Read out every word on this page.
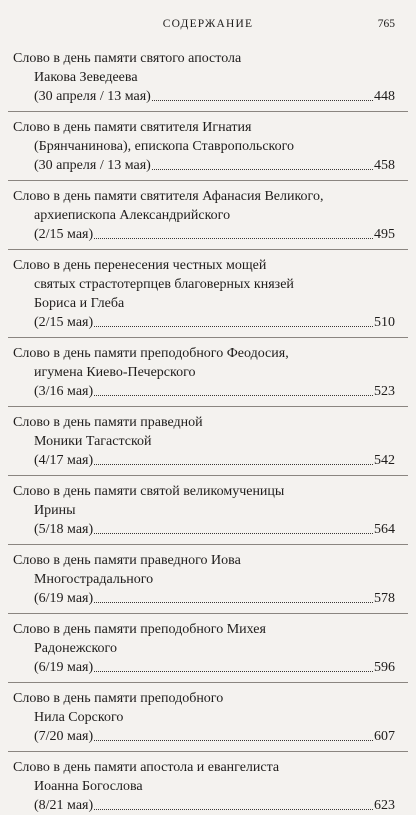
СОДЕРЖАНИЕ	765
Слово в день памяти святого апостола
Иакова Зеведеева
(30 апреля / 13 мая)	448
Слово в день памяти святителя Игнатия
(Брянчанинова), епископа Ставропольского
(30 апреля / 13 мая)	458
Слово в день памяти святителя Афанасия Великого,
архиепископа Александрийского
(2/15 мая)	495
Слово в день перенесения честных мощей
святых страстотерпцев благоверных князей
Бориса и Глеба
(2/15 мая)	510
Слово в день памяти преподобного Феодосия,
игумена Киево-Печерского
(3/16 мая)	523
Слово в день памяти праведной
Моники Тагастской
(4/17 мая)	542
Слово в день памяти святой великомученицы
Ирины
(5/18 мая)	564
Слово в день памяти праведного Иова
Многострадального
(6/19 мая)	578
Слово в день памяти преподобного Михея
Радонежского
(6/19 мая)	596
Слово в день памяти преподобного
Нила Сорского
(7/20 мая)	607
Слово в день памяти апостола и евангелиста
Иоанна Богослова
(8/21 мая)	623
